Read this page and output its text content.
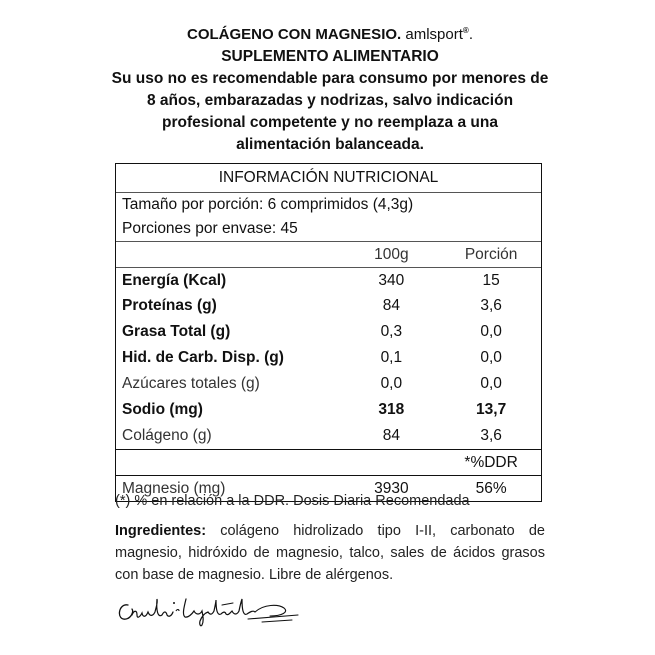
COLÁGENO CON MAGNESIO. amlsport®.
SUPLEMENTO ALIMENTARIO
Su uso no es recomendable para consumo por menores de
8 años, embarazadas y nodrizas, salvo indicación
profesional competente y no reemplaza a una
alimentación balanceada.
INFORMACIÓN NUTRICIONAL
Tamaño por porción: 6 comprimidos (4,3g)
Porciones por envase: 45
100g	Porción
Energía (Kcal)	340	15
Proteínas (g)	84	3,6
Grasa Total (g)	0,3	0,0
Hid. de Carb. Disp. (g)	0,1	0,0
Azúcares totales (g)	0,0	0,0
Sodio (mg)	318	13,7
Colágeno (g)	84	3,6
*%DDR
Magnesio (mg)	3930	56%
(*) % en relación a la DDR. Dosis Diaria Recomendada
Ingredientes: colágeno hidrolizado tipo I-II, carbonato de magnesio, hidróxido de magnesio, talco, sales de ácidos grasos con base de magnesio. Libre de alérgenos.
